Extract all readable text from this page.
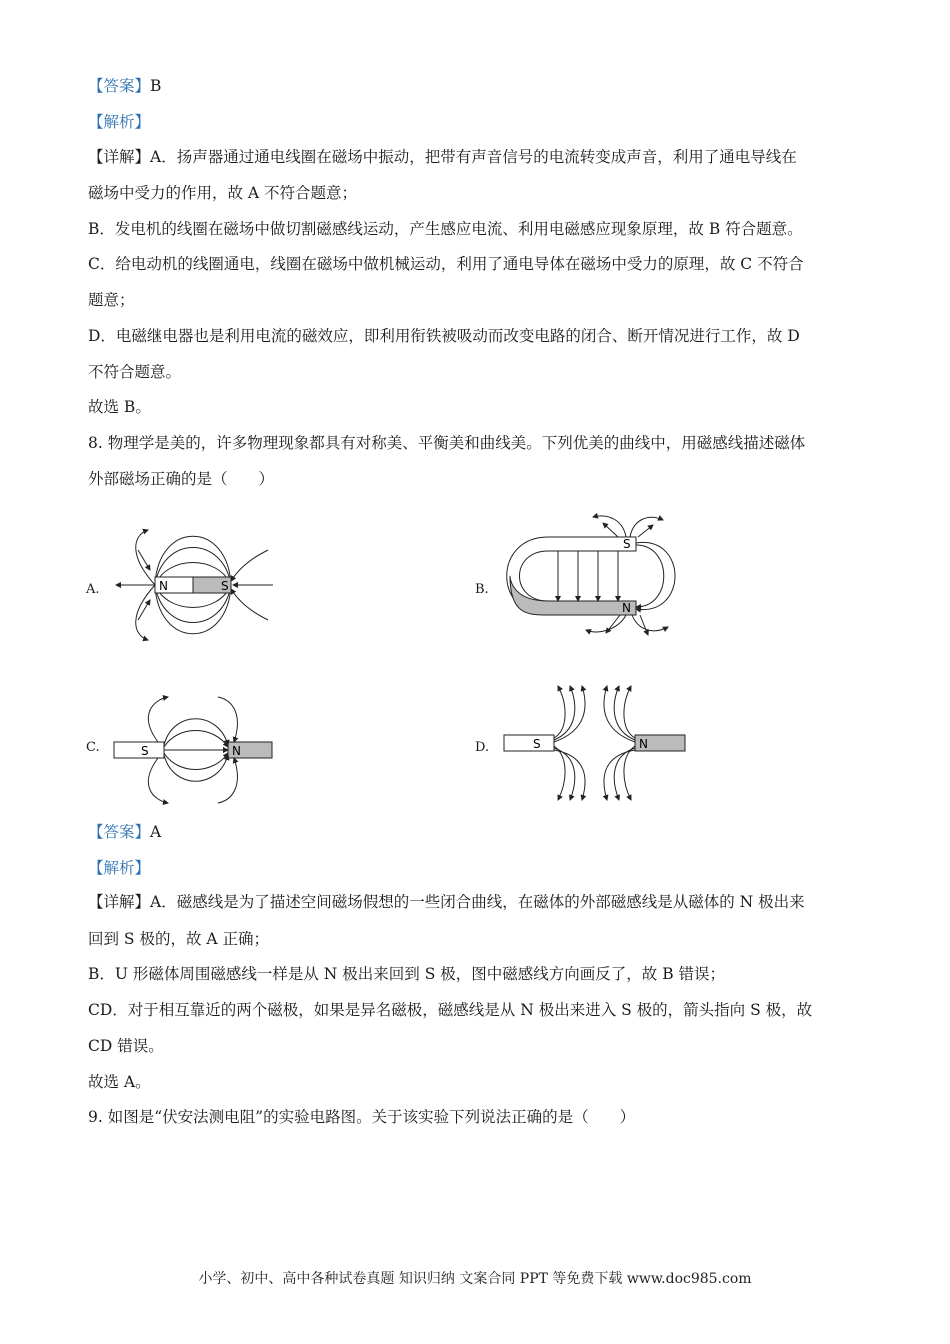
【答案】B
【解析】
【详解】A．扬声器通过通电线圈在磁场中振动，把带有声音信号的电流转变成声音，利用了通电导线在
磁场中受力的作用，故 A 不符合题意；
B．发电机的线圈在磁场中做切割磁感线运动，产生感应电流、利用电磁感应现象原理，故 B 符合题意。
C．给电动机的线圈通电，线圈在磁场中做机械运动，利用了通电导体在磁场中受力的原理，故 C 不符合
题意；
D．电磁继电器也是利用电流的磁效应，即利用衔铁被吸动而改变电路的闭合、断开情况进行工作，故 D
不符合题意。
故选 B。
8. 物理学是美的，许多物理现象都具有对称美、平衡美和曲线美。下列优美的曲线中，用磁感线描述磁体
外部磁场正确的是（　　）
A.	N	S	B.
S
N
C.	S	N	D.	S	N
【答案】A
【解析】
【详解】A．磁感线是为了描述空间磁场假想的一些闭合曲线，在磁体的外部磁感线是从磁体的 N 极出来
回到 S 极的，故 A 正确；
B．U 形磁体周围磁感线一样是从 N 极出来回到 S 极，图中磁感线方向画反了，故 B 错误；
CD．对于相互靠近的两个磁极，如果是异名磁极，磁感线是从 N 极出来进入 S 极的，箭头指向 S 极，故
CD 错误。
故选 A。
9. 如图是“伏安法测电阻”的实验电路图。关于该实验下列说法正确的是（　　）
小学、初中、高中各种试卷真题 知识归纳 文案合同 PPT 等免费下载 www.doc985.com
